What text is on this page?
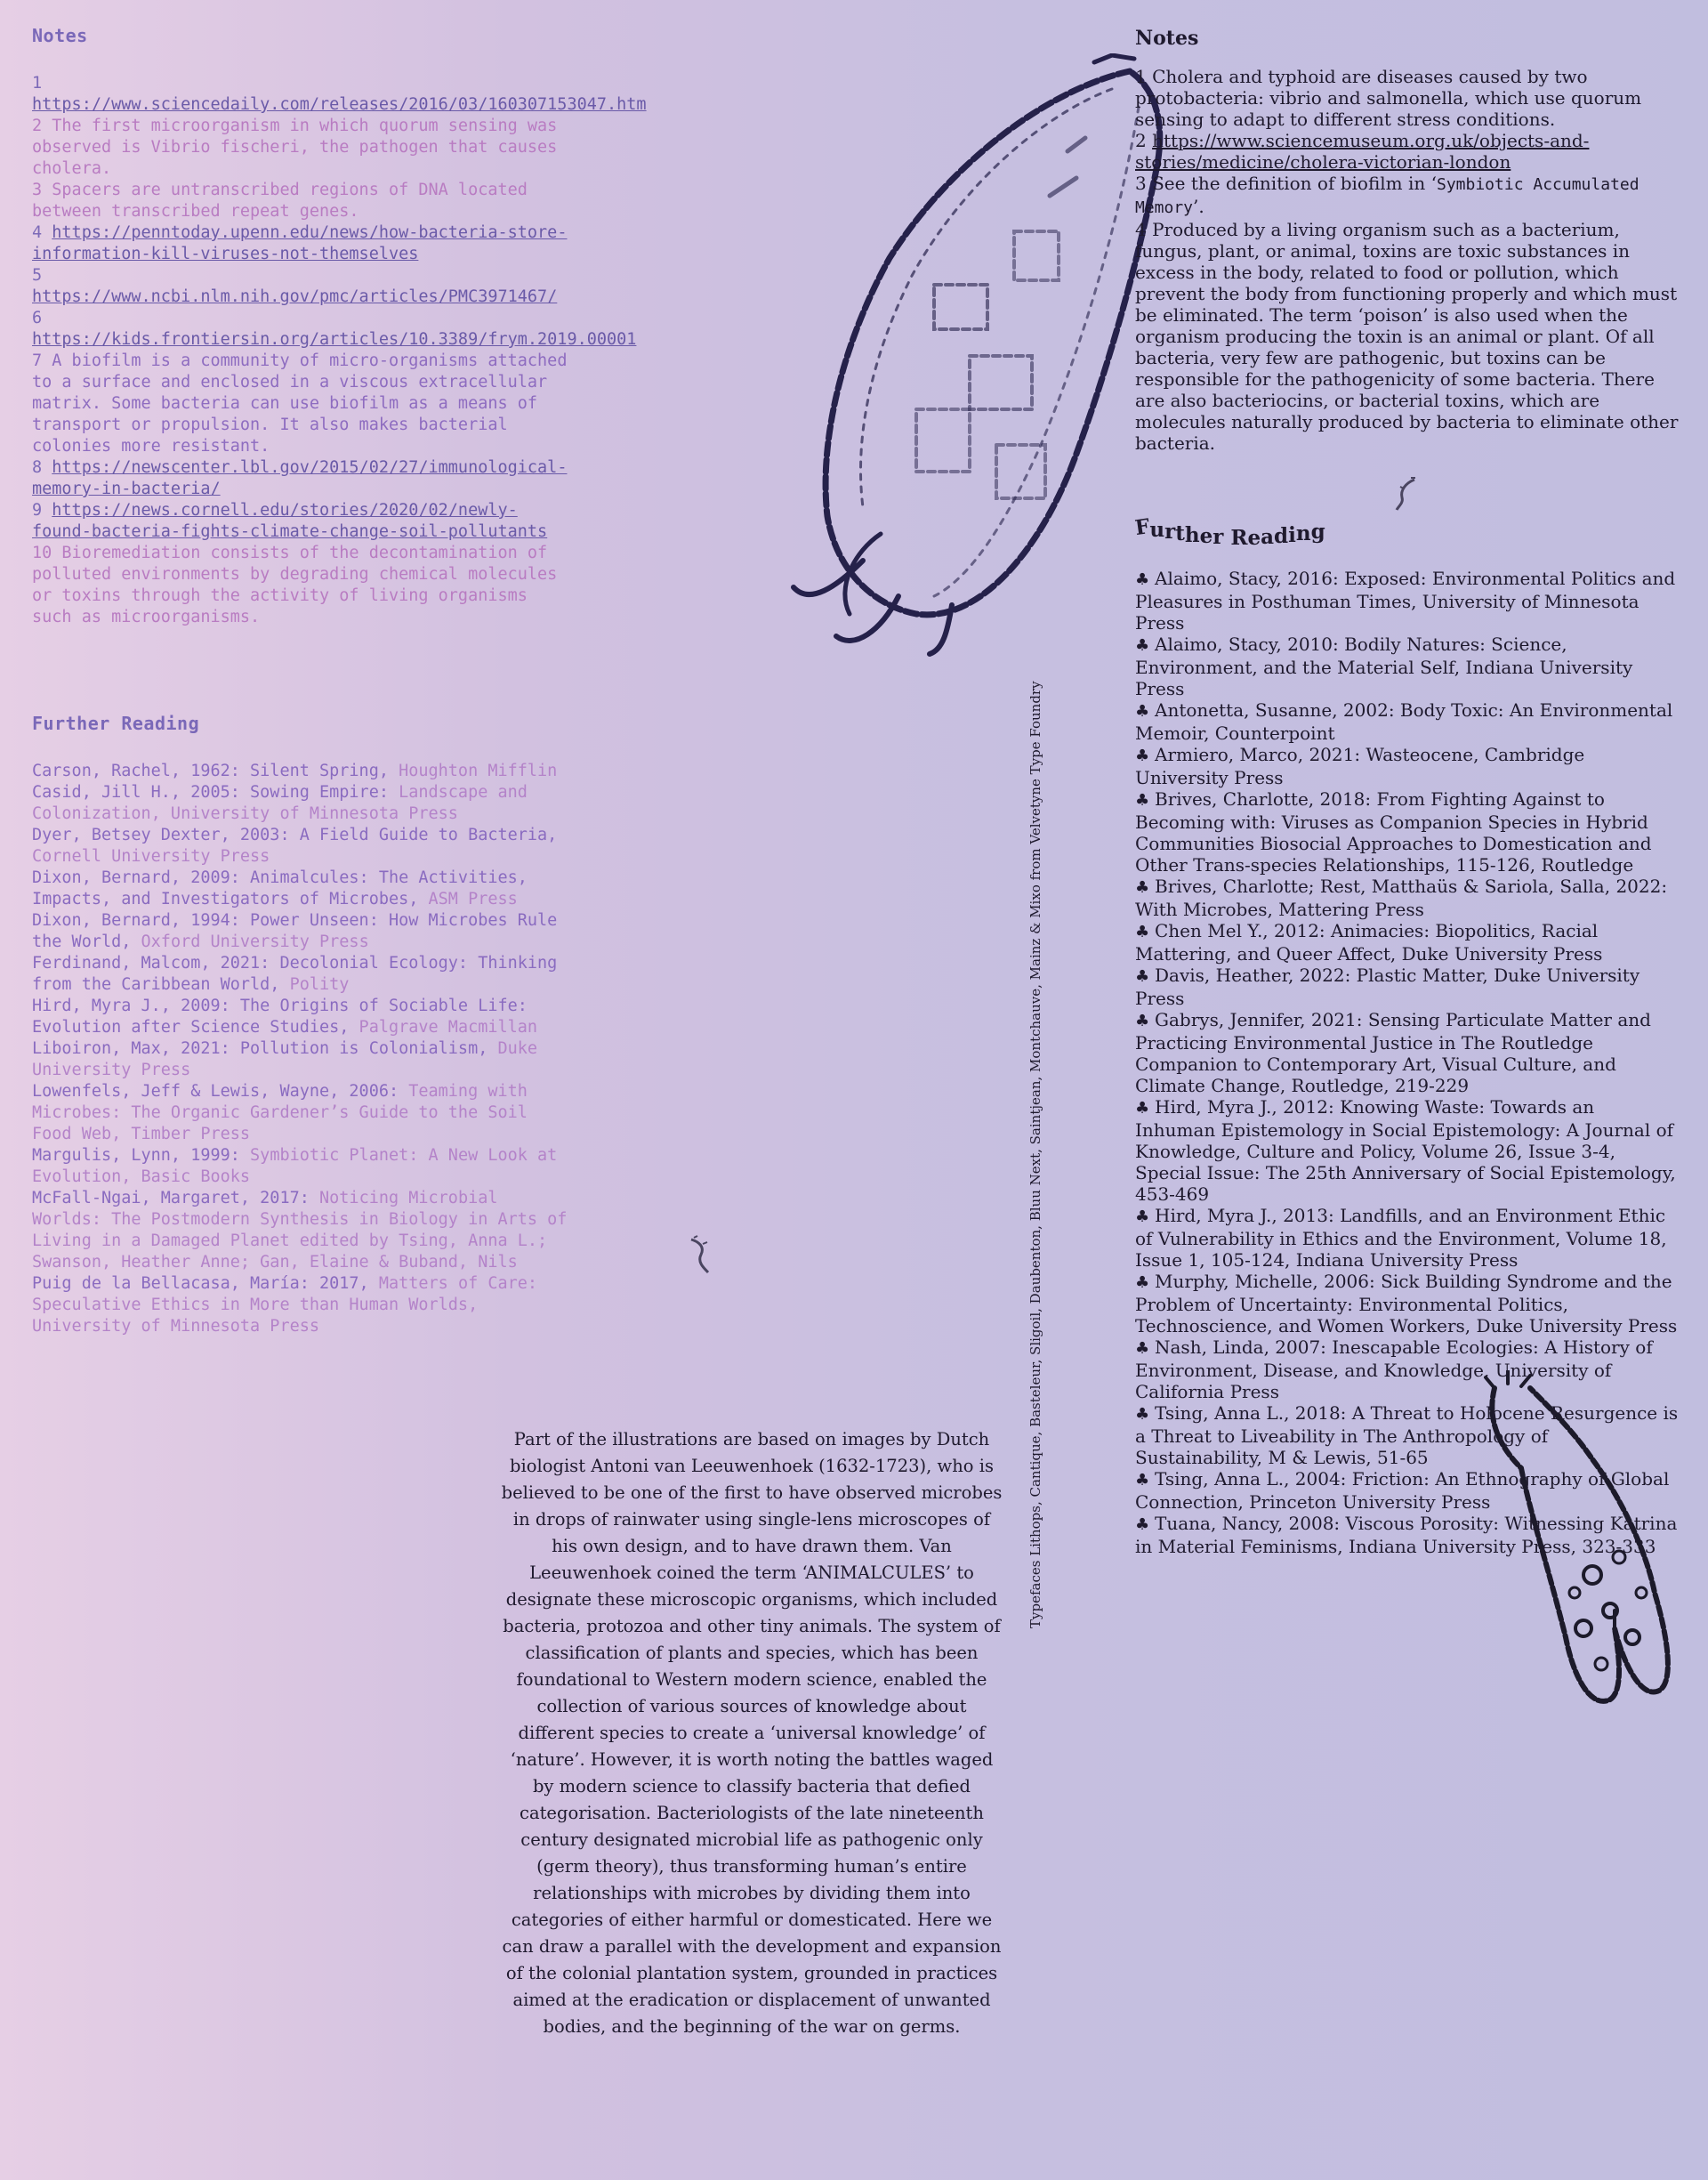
Notes
1 https://www.sciencedaily.com/releases/2016/03/160307153047.htm
2 The first microorganism in which quorum sensing was observed is Vibrio fischeri, the pathogen that causes cholera.
3 Spacers are untranscribed regions of DNA located between transcribed repeat genes.
4 https://penntoday.upenn.edu/news/how-bacteria-store-information-kill-viruses-not-themselves
5 https://www.ncbi.nlm.nih.gov/pmc/articles/PMC3971467/
6 https://kids.frontiersin.org/articles/10.3389/frym.2019.00001
7 A biofilm is a community of micro-organisms attached to a surface and enclosed in a viscous extracellular matrix. Some bacteria can use biofilm as a means of transport or propulsion. It also makes bacterial colonies more resistant.
8 https://newscenter.lbl.gov/2015/02/27/immunological-memory-in-bacteria/
9 https://news.cornell.edu/stories/2020/02/newly-found-bacteria-fights-climate-change-soil-pollutants
10 Bioremediation consists of the decontamination of polluted environments by degrading chemical molecules or toxins through the activity of living organisms such as microorganisms.
Further Reading
Carson, Rachel, 1962: Silent Spring, Houghton Mifflin
Casid, Jill H., 2005: Sowing Empire: Landscape and Colonization, University of Minnesota Press
Dyer, Betsey Dexter, 2003: A Field Guide to Bacteria, Cornell University Press
Dixon, Bernard, 2009: Animalcules: The Activities, Impacts, and Investigators of Microbes, ASM Press
Dixon, Bernard, 1994: Power Unseen: How Microbes Rule the World, Oxford University Press
Ferdinand, Malcom, 2021: Decolonial Ecology: Thinking from the Caribbean World, Polity
Hird, Myra J., 2009: The Origins of Sociable Life: Evolution after Science Studies, Palgrave Macmillan
Liboiron, Max, 2021: Pollution is Colonialism, Duke University Press
Lowenfels, Jeff & Lewis, Wayne, 2006: Teaming with Microbes: The Organic Gardener’s Guide to the Soil Food Web, Timber Press
Margulis, Lynn, 1999: Symbiotic Planet: A New Look at Evolution, Basic Books
McFall-Ngai, Margaret, 2017: Noticing Microbial Worlds: The Postmodern Synthesis in Biology in Arts of Living in a Damaged Planet edited by Tsing, Anna L.; Swanson, Heather Anne; Gan, Elaine & Buband, Nils
Puig de la Bellacasa, María: 2017, Matters of Care: Speculative Ethics in More than Human Worlds, University of Minnesota Press
Notes
1 Cholera and typhoid are diseases caused by two protobacteria: vibrio and salmonella, which use quorum sensing to adapt to different stress conditions.
2 https://www.sciencemuseum.org.uk/objects-and-stories/medicine/cholera-victorian-london
3 See the definition of biofilm in ‘Symbiotic Accumulated Memory’.
4 Produced by a living organism such as a bacterium, fungus, plant, or animal, toxins are toxic substances in excess in the body, related to food or pollution, which prevent the body from functioning properly and which must be eliminated. The term ‘poison’ is also used when the organism producing the toxin is an animal or plant. Of all bacteria, very few are pathogenic, but toxins can be responsible for the pathogenicity of some bacteria. There are also bacteriocins, or bacterial toxins, which are molecules naturally produced by bacteria to eliminate other bacteria.
Further Reading
♣ Alaimo, Stacy, 2016: Exposed: Environmental Politics and Pleasures in Posthuman Times, University of Minnesota Press
♣ Alaimo, Stacy, 2010: Bodily Natures: Science, Environment, and the Material Self, Indiana University Press
♣ Antonetta, Susanne, 2002: Body Toxic: An Environmental Memoir, Counterpoint
♣ Armiero, Marco, 2021: Wasteocene, Cambridge University Press
♣ Brives, Charlotte, 2018: From Fighting Against to Becoming with: Viruses as Companion Species in Hybrid Communities Biosocial Approaches to Domestication and Other Trans-species Relationships, 115-126, Routledge
♣ Brives, Charlotte; Rest, Matthaüs & Sariola, Salla, 2022: With Microbes, Mattering Press
♣ Chen Mel Y., 2012: Animacies: Biopolitics, Racial Mattering, and Queer Affect, Duke University Press
♣ Davis, Heather, 2022: Plastic Matter, Duke University Press
♣ Gabrys, Jennifer, 2021: Sensing Particulate Matter and Practicing Environmental Justice in The Routledge Companion to Contemporary Art, Visual Culture, and Climate Change, Routledge, 219-229
♣ Hird, Myra J., 2012: Knowing Waste: Towards an Inhuman Epistemology in Social Epistemology: A Journal of Knowledge, Culture and Policy, Volume 26, Issue 3-4, Special Issue: The 25th Anniversary of Social Epistemology, 453-469
♣ Hird, Myra J., 2013: Landfills, and an Environment Ethic of Vulnerability in Ethics and the Environment, Volume 18, Issue 1, 105-124, Indiana University Press
♣ Murphy, Michelle, 2006: Sick Building Syndrome and the Problem of Uncertainty: Environmental Politics, Technoscience, and Women Workers, Duke University Press
♣ Nash, Linda, 2007: Inescapable Ecologies: A History of Environment, Disease, and Knowledge, University of California Press
♣ Tsing, Anna L., 2018: A Threat to Holocene Resurgence is a Threat to Liveability in The Anthropology of Sustainability, M & Lewis, 51-65
♣ Tsing, Anna L., 2004: Friction: An Ethnography of Global Connection, Princeton University Press
♣ Tuana, Nancy, 2008: Viscous Porosity: Witnessing Katrina in Material Feminisms, Indiana University Press, 323-333

Part of the illustrations are based on images by Dutch biologist Antoni van Leeuwenhoek (1632-1723), who is believed to be one of the first to have observed microbes in drops of rainwater using single-lens microscopes of his own design, and to have drawn them. Van Leeuwenhoek coined the term ‘ANIMALCULES’ to designate these microscopic organisms, which included bacteria, protozoa and other tiny animals. The system of classification of plants and species, which has been foundational to Western modern science, enabled the collection of various sources of knowledge about different species to create a ‘universal knowledge’ of ‘nature’. However, it is worth noting the battles waged by modern science to classify bacteria that defied categorisation. Bacteriologists of the late nineteenth century designated microbial life as pathogenic only (germ theory), thus transforming human’s entire relationships with microbes by dividing them into categories of either harmful or domesticated. Here we can draw a parallel with the development and expansion of the colonial plantation system, grounded in practices aimed at the eradication or displacement of unwanted bodies, and the beginning of the war on germs.

Typefaces Lithops, Cantique, Basteleur, Sligoil, Daubenton, Bluu Next, Saintjean, Montchauve, Mainz & Mixo from Velvetyne Type Foundry
